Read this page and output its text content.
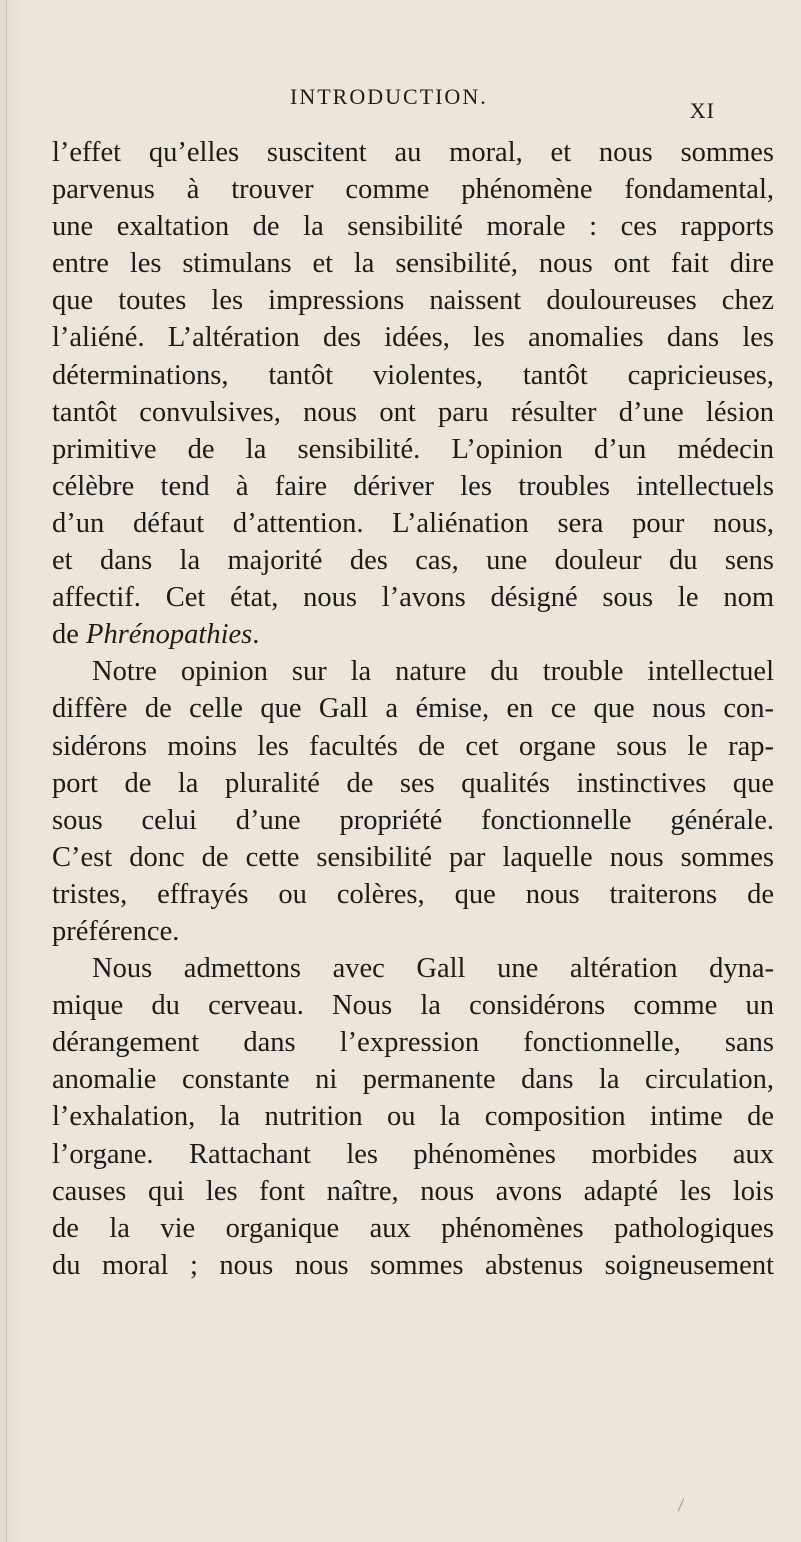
INTRODUCTION.
XI
l’effet qu’elles suscitent au moral, et nous sommes
parvenus à trouver comme phénomène fondamental,
une exaltation de la sensibilité morale : ces rapports
entre les stimulans et la sensibilité, nous ont fait dire
que toutes les impressions naissent douloureuses chez
l’aliéné. L’altération des idées, les anomalies dans les
déterminations, tantôt violentes, tantôt capricieuses,
tantôt convulsives, nous ont paru résulter d’une lésion
primitive de la sensibilité. L’opinion d’un médecin
célèbre tend à faire dériver les troubles intellectuels
d’un défaut d’attention. L’aliénation sera pour nous,
et dans la majorité des cas, une douleur du sens
affectif. Cet état, nous l’avons désigné sous le nom
de Phrénopathies.
Notre opinion sur la nature du trouble intellectuel
diffère de celle que Gall a émise, en ce que nous con-
sidérons moins les facultés de cet organe sous le rap-
port de la pluralité de ses qualités instinctives que
sous celui d’une propriété fonctionnelle générale.
C’est donc de cette sensibilité par laquelle nous sommes
tristes, effrayés ou colères, que nous traiterons de
préférence.
Nous admettons avec Gall une altération dyna-
mique du cerveau. Nous la considérons comme un
dérangement dans l’expression fonctionnelle, sans
anomalie constante ni permanente dans la circulation,
l’exhalation, la nutrition ou la composition intime de
l’organe. Rattachant les phénomènes morbides aux
causes qui les font naître, nous avons adapté les lois
de la vie organique aux phénomènes pathologiques
du moral ; nous nous sommes abstenus soigneusement
